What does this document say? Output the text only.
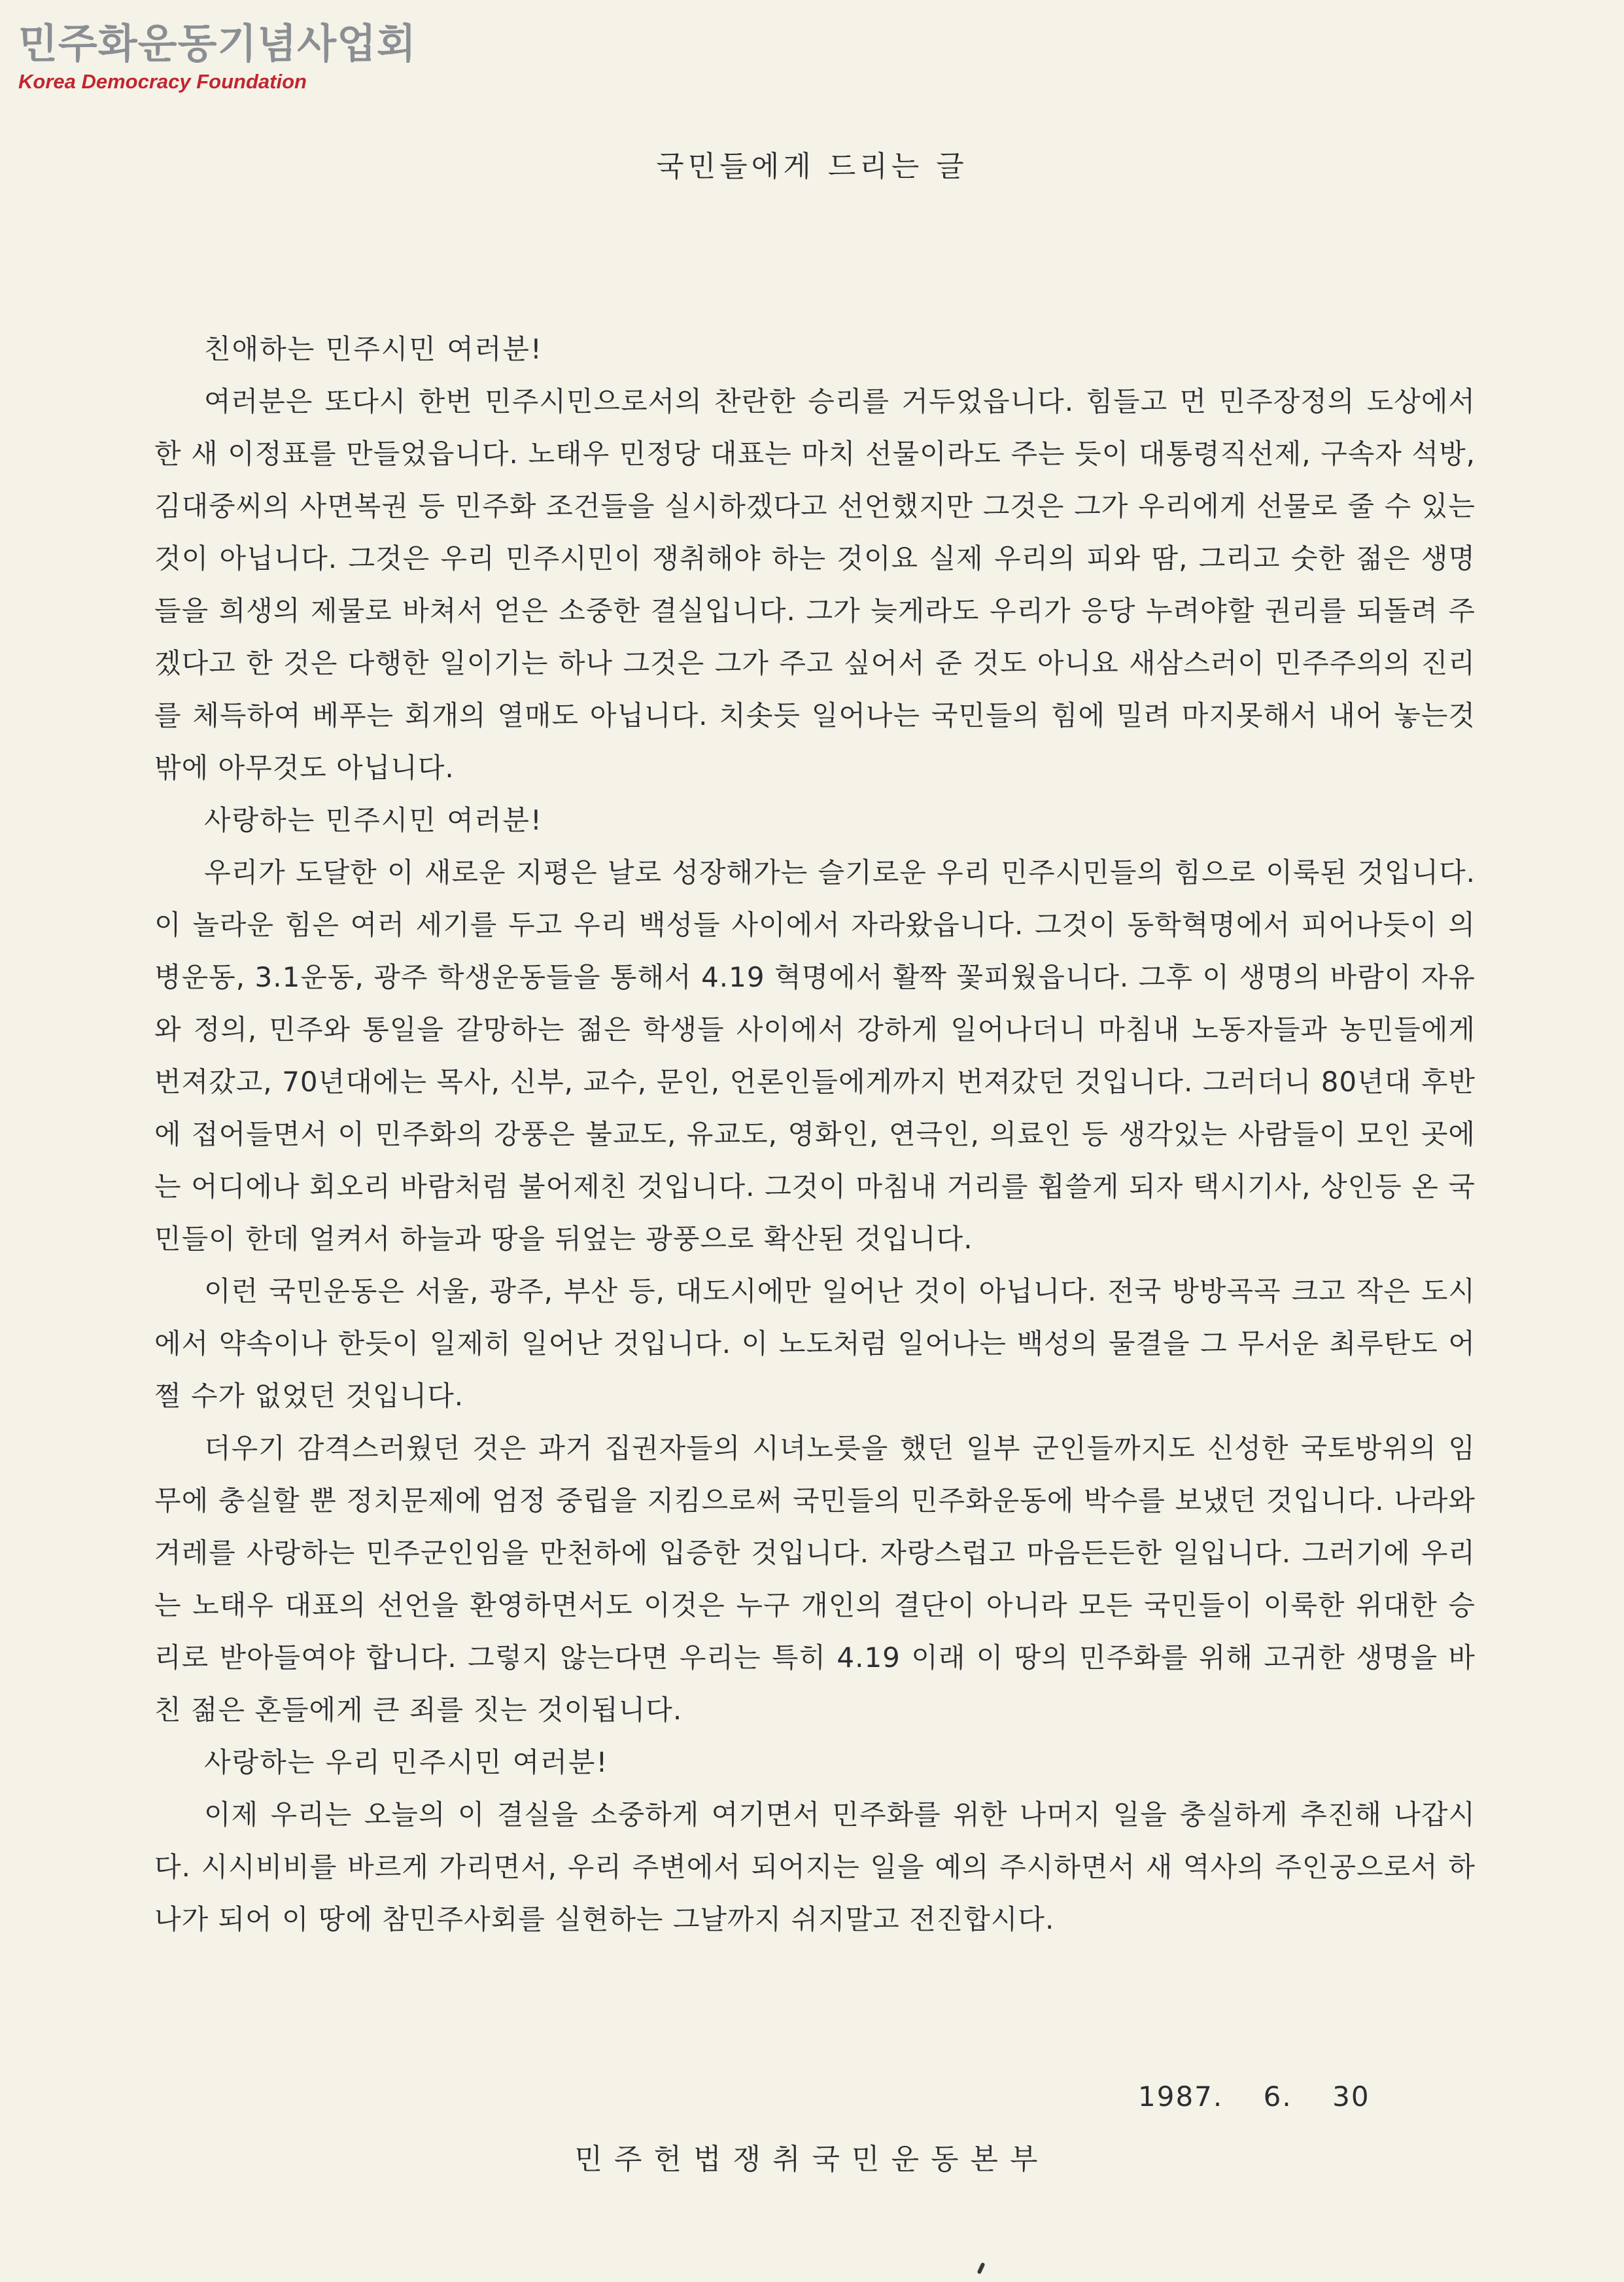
민주화운동기념사업회
Korea Democracy Foundation
국민들에게 드리는 글

친애하는 민주시민 여러분!

여러분은 또다시 한번 민주시민으로서의 찬란한 승리를 거두었읍니다. 힘들고 먼 민주장정의 도상에서 한 새 이정표를 만들었읍니다. 노태우 민정당 대표는 마치 선물이라도 주는 듯이 대통령직선제, 구속자 석방, 김대중씨의 사면복권 등 민주화 조건들을 실시하겠다고 선언했지만 그것은 그가 우리에게 선물로 줄 수 있는 것이 아닙니다. 그것은 우리 민주시민이 쟁취해야 하는 것이요 실제 우리의 피와 땀, 그리고 숫한 젊은 생명들을 희생의 제물로 바쳐서 얻은 소중한 결실입니다. 그가 늦게라도 우리가 응당 누려야할 권리를 되돌려 주겠다고 한 것은 다행한 일이기는 하나 그것은 그가 주고 싶어서 준 것도 아니요 새삼스러이 민주주의의 진리를 체득하여 베푸는 회개의 열매도 아닙니다. 치솟듯 일어나는 국민들의 힘에 밀려 마지못해서 내어 놓는것밖에 아무것도 아닙니다.

사랑하는 민주시민 여러분!

우리가 도달한 이 새로운 지평은 날로 성장해가는 슬기로운 우리 민주시민들의 힘으로 이룩된 것입니다. 이 놀라운 힘은 여러 세기를 두고 우리 백성들 사이에서 자라왔읍니다. 그것이 동학혁명에서 피어나듯이 의병운동, 3.1운동, 광주 학생운동들을 통해서 4.19 혁명에서 활짝 꽃피웠읍니다. 그후 이 생명의 바람이 자유와 정의, 민주와 통일을 갈망하는 젊은 학생들 사이에서 강하게 일어나더니 마침내 노동자들과 농민들에게 번져갔고, 70년대에는 목사, 신부, 교수, 문인, 언론인들에게까지 번져갔던 것입니다. 그러더니 80년대 후반에 접어들면서 이 민주화의 강풍은 불교도, 유교도, 영화인, 연극인, 의료인 등 생각있는 사람들이 모인 곳에는 어디에나 회오리 바람처럼 불어제친 것입니다. 그것이 마침내 거리를 휩쓸게 되자 택시기사, 상인등 온 국민들이 한데 얼켜서 하늘과 땅을 뒤엎는 광풍으로 확산된 것입니다.

이런 국민운동은 서울, 광주, 부산 등, 대도시에만 일어난 것이 아닙니다. 전국 방방곡곡 크고 작은 도시에서 약속이나 한듯이 일제히 일어난 것입니다. 이 노도처럼 일어나는 백성의 물결을 그 무서운 최루탄도 어쩔 수가 없었던 것입니다.

더우기 감격스러웠던 것은 과거 집권자들의 시녀노릇을 했던 일부 군인들까지도 신성한 국토방위의 임무에 충실할 뿐 정치문제에 엄정 중립을 지킴으로써 국민들의 민주화운동에 박수를 보냈던 것입니다. 나라와 겨레를 사랑하는 민주군인임을 만천하에 입증한 것입니다. 자랑스럽고 마음든든한 일입니다. 그러기에 우리는 노태우 대표의 선언을 환영하면서도 이것은 누구 개인의 결단이 아니라 모든 국민들이 이룩한 위대한 승리로 받아들여야 합니다. 그렇지 않는다면 우리는 특히 4.19 이래 이 땅의 민주화를 위해 고귀한 생명을 바친 젊은 혼들에게 큰 죄를 짓는 것이됩니다.

사랑하는 우리 민주시민 여러분!

이제 우리는 오늘의 이 결실을 소중하게 여기면서 민주화를 위한 나머지 일을 충실하게 추진해 나갑시다. 시시비비를 바르게 가리면서, 우리 주변에서 되어지는 일을 예의 주시하면서 새 역사의 주인공으로서 하나가 되어 이 땅에 참민주사회를 실현하는 그날까지 쉬지말고 전진합시다.

1987.    6.    30
민주헌법쟁취국민운동본부
